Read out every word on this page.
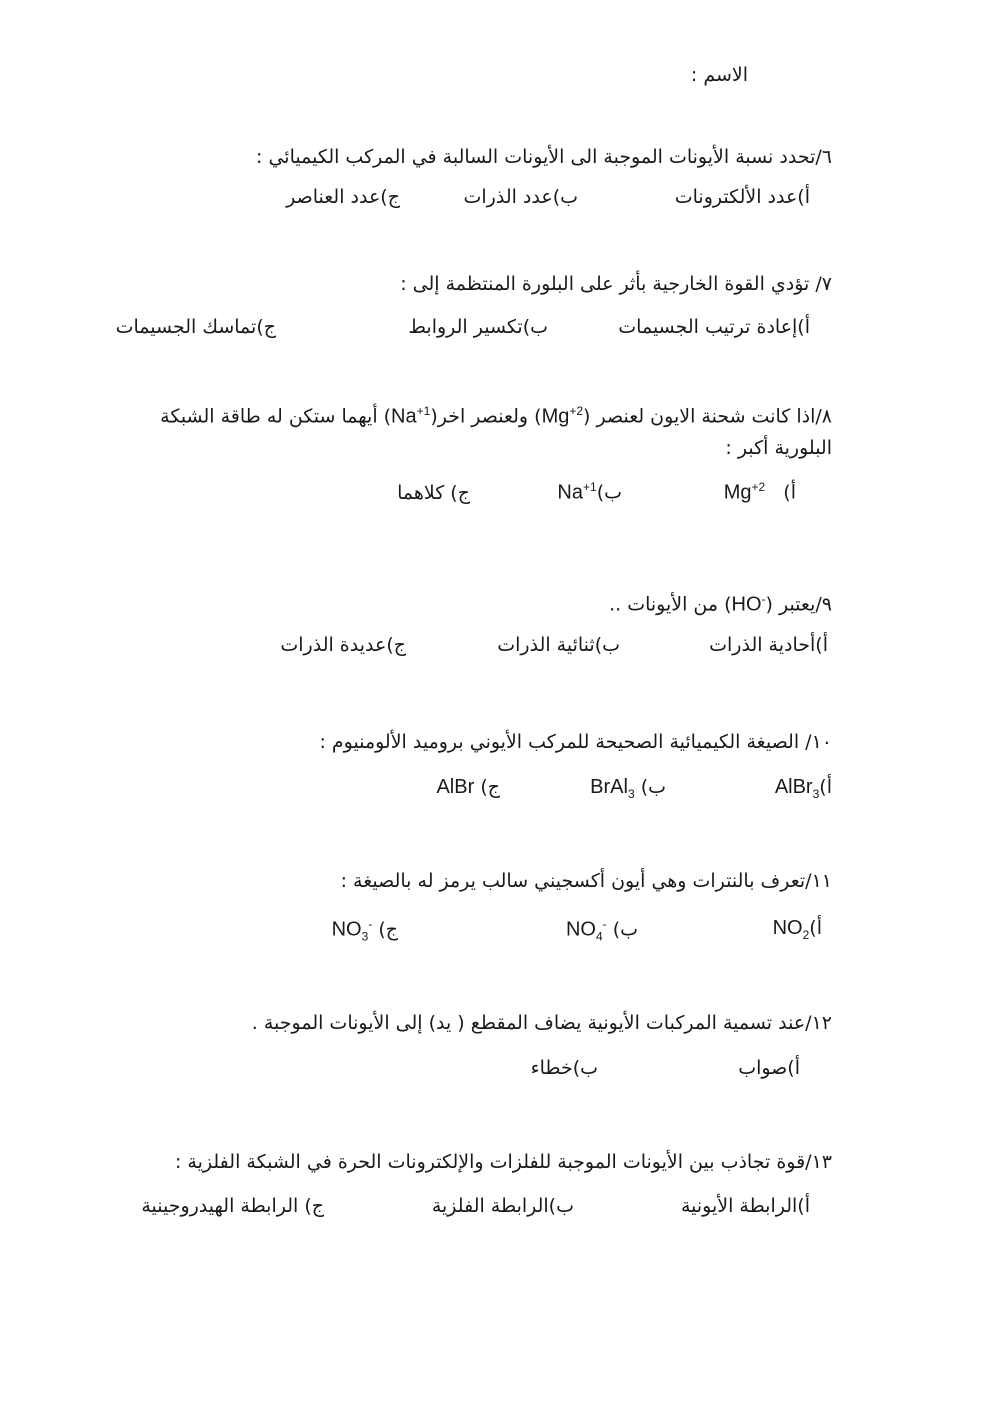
الاسم :
٦/تحدد نسبة الأيونات الموجبة الى الأيونات السالبة في المركب الكيميائي :
أ)عدد الألكترونات
ب)عدد الذرات
ج)عدد العناصر
٧/ تؤدي القوة الخارجية بأثر على البلورة المنتظمة إلى :
أ)إعادة ترتيب الجسيمات
ب)تكسير الروابط
ج)تماسك الجسيمات
٨/اذا كانت شحنة الايون لعنصر $(Mg^{+2})$ ولعنصر $اخر(Na^{+1})$ أيهما ستكن له طاقة الشبكة
البلورية أكبر :
أ)   $Mg^{+2}$
$ب)Na^{+1}$
ج) كلاهما
٩/يعتبر (HO-) من الأيونات ..
أ)أحادية الذرات
ب)ثنائية الذرات
ج)عديدة الذرات
١٠/ الصيغة الكيميائية الصحيحة للمركب الأيوني بروميد الألومنيوم :
أ)AlBr$_3$
ب) BrAl$_3$
ج) AlBr
١١/تعرف بالنترات وهي أيون أكسجيني سالب يرمز له بالصيغة :
$أ)NO_2$
ب) $NO_4^-$
ج) $NO_3^-$
١٢/عند تسمية المركبات الأيونية يضاف المقطع ( يد) إلى الأيونات الموجبة .
أ)صواب
ب)خطاء
١٣/قوة تجاذب بين الأيونات الموجبة للفلزات والإلكترونات الحرة في الشبكة الفلزية :
أ)الرابطة الأيونية
ب)الرابطة الفلزية
ج) الرابطة الهيدروجينية
